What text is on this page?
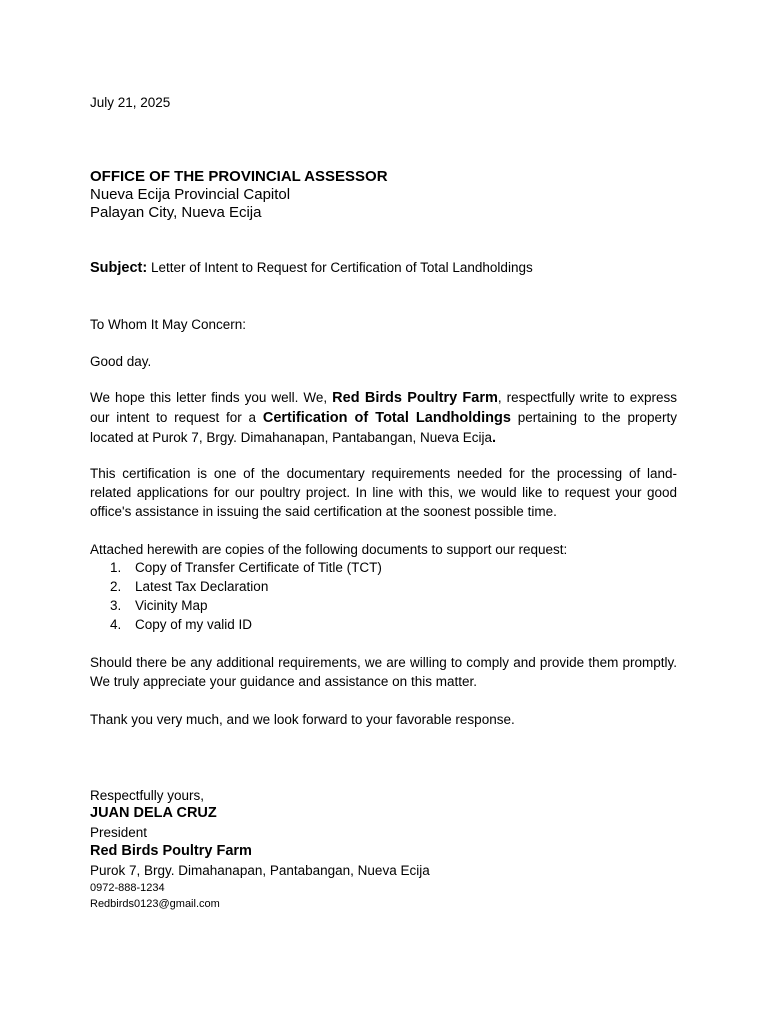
July 21, 2025
OFFICE OF THE PROVINCIAL ASSESSOR
Nueva Ecija Provincial Capitol
Palayan City, Nueva Ecija
Subject: Letter of Intent to Request for Certification of Total Landholdings
To Whom It May Concern:
Good day.
We hope this letter finds you well. We, Red Birds Poultry Farm, respectfully write to express our intent to request for a Certification of Total Landholdings pertaining to the property located at Purok 7, Brgy. Dimahanapan, Pantabangan, Nueva Ecija.
This certification is one of the documentary requirements needed for the processing of land-related applications for our poultry project. In line with this, we would like to request your good office's assistance in issuing the said certification at the soonest possible time.
Attached herewith are copies of the following documents to support our request:
1.	Copy of Transfer Certificate of Title (TCT)
2.	Latest Tax Declaration
3.	Vicinity Map
4.	Copy of my valid ID
Should there be any additional requirements, we are willing to comply and provide them promptly. We truly appreciate your guidance and assistance on this matter.
Thank you very much, and we look forward to your favorable response.
Respectfully yours,
JUAN DELA CRUZ
President
Red Birds Poultry Farm
Purok 7, Brgy. Dimahanapan, Pantabangan, Nueva Ecija
0972-888-1234
Redbirds0123@gmail.com
